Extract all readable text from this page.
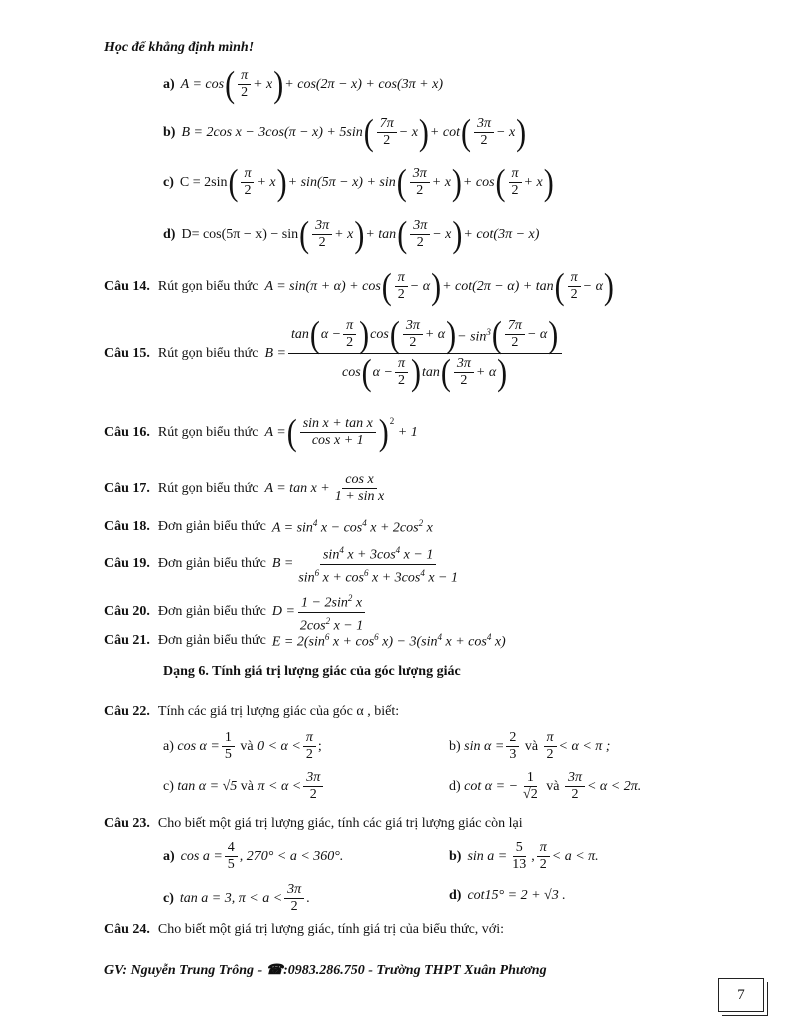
Học để khẳng định mình!
a) A = cos ( $\frac{\pi}{2} + x$ ) + cos(2π − x) + cos(3π + x)
b) B = 2cos x − 3cos(π − x) + 5sin ( $\frac{7\pi}{2} - x$ ) + cot ( $\frac{3\pi}{2} - x$ )
c) C = 2sin ( $\frac{\pi}{2} + x$ ) + sin(5π − x) + sin ( $\frac{3\pi}{2} + x$ ) + cos ( $\frac{\pi}{2} + x$ )
d) D= cos(5π − x) − sin ( $\frac{3\pi}{2} + x$ ) + tan ( $\frac{3\pi}{2} - x$ ) + cot(3π − x)
Câu 14. Rút gọn biểu thức A = sin(π + α) + cos ( $\frac{\pi}{2} - \alpha$ ) + cot(2π − α) + tan ( $\frac{\pi}{2} - \alpha$ )
Câu 15. Rút gọn biểu thức B =
tan ( $\alpha - \frac{\pi}{2}$ ) cos ( $\frac{3\pi}{2} + \alpha$ ) − $\sin^3$ ( $\frac{7\pi}{2} - \alpha$ )
cos ( $\alpha - \frac{\pi}{2}$ ) tan ( $\frac{3\pi}{2} + \alpha$ )
Câu 16. Rút gọn biểu thức A = ( $\frac{\text{sin x + tan x}}{\text{cos x + 1}} )^2$
+ 1
Câu 17. Rút gọn biểu thức $A = \tan x + \frac{\text{cos x}}{\text{1 + sin x}}$
Câu 18. Đơn giản biểu thức $A = \sin^4 x - \cos^4 x + 2\cos^2$ x
Câu 19. Đơn giản biểu thức $B = \frac{\sin^4 x + 3\cos^4 x - 1}{\sin^6 x + \cos^6 x + 3\cos^4 x - 1}$
Câu 20. Đơn giản biểu thức $D = \frac{1 - 2\sin^2 x}{2\cos^2 x - 1}$
Câu 21. Đơn giản biểu thức $E = 2(\sin^6$ $x + \cos^6 x) - 3(\sin^4$ $x + \cos^4 x$)
Dạng 6. Tính giá trị lượng giác của góc lượng giác
Câu 22. Tính các giá trị lượng giác của góc α , biết:
a) $\cos \alpha = \frac{1}{5}$ và $0 < \alpha < \frac{\pi}{2}$ ;	b) $\sin \alpha = \frac{2}{3}$ và $\frac{\pi}{2} < \alpha < \pi$ ;
c) tan α = √5 và $\pi < \alpha < \frac{3\pi}{2}$	d) cot α = − $\frac{1}{√2}$ và $\frac{3\pi}{2} < \alpha < 2\pi$.
Câu 23. Cho biết một giá trị lượng giác, tính các giá trị lượng giác còn lại
a) $\cos a = \frac{4}{5}$ , 270° < a < 360°.	b) $\sin a = \frac{5}{13}$ , $\frac{\pi}{2} < a < \pi$.
c) tan a = 3, $\pi < a < \frac{3\pi}{2}$ .	d) cot15° = 2 + √3 .
Câu 24. Cho biết một giá trị lượng giác, tính giá trị của biểu thức, với:
GV: Nguyễn Trung Trông - ☎:0983.286.750 - Trường THPT Xuân Phương
7
